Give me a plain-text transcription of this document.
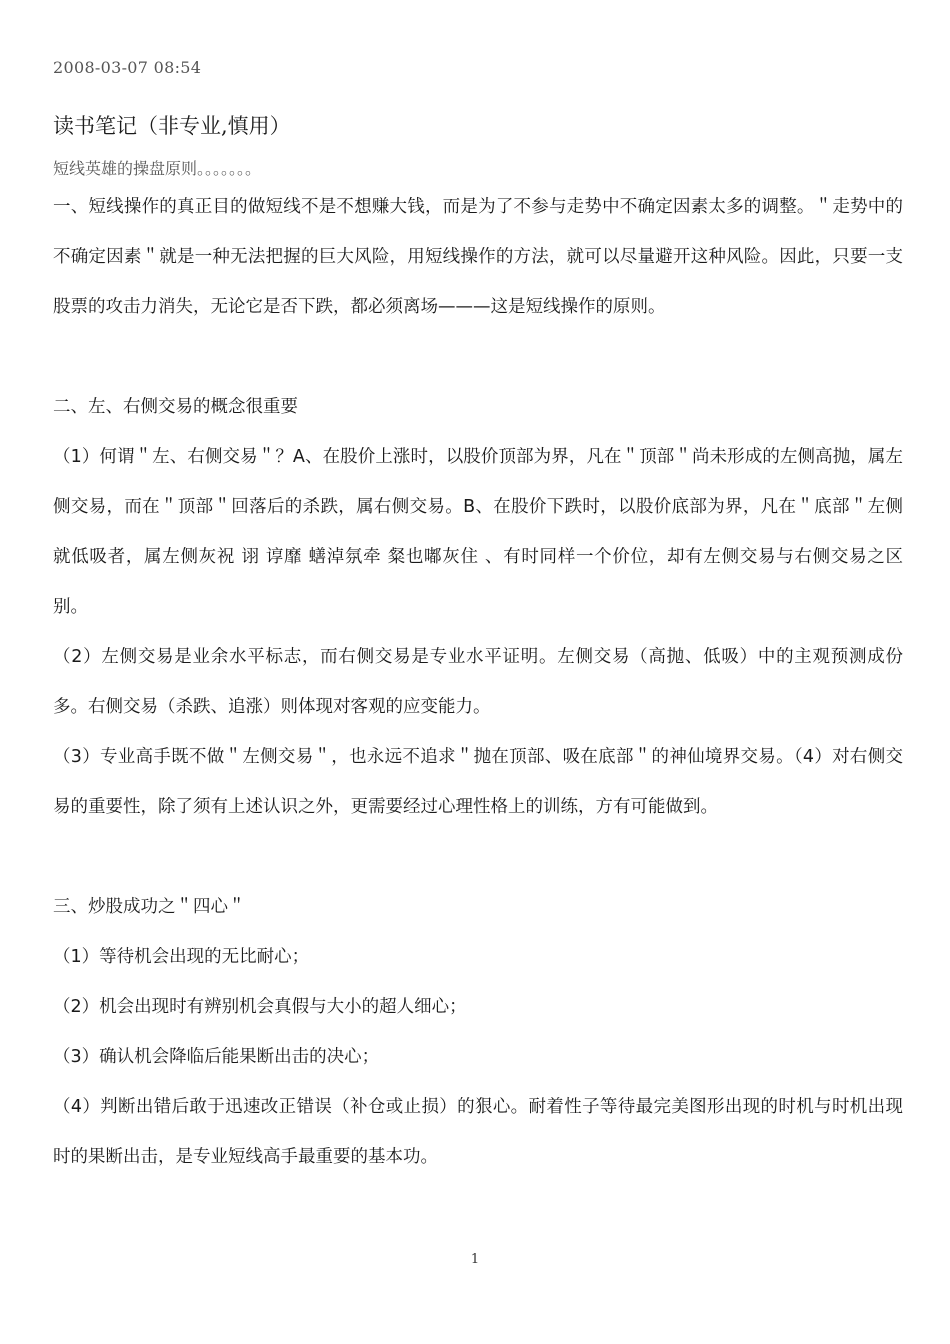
2008-03-07 08:54
读书笔记（非专业,慎用）
短线英雄的操盘原则。。。。。。。

一、短线操作的真正目的做短线不是不想赚大钱，而是为了不参与走势中不确定因素太多的调整。＂走势中的不确定因素＂就是一种无法把握的巨大风险，用短线操作的方法，就可以尽量避开这种风险。因此，只要一支股票的攻击力消失，无论它是否下跌，都必须离场———这是短线操作的原则。

二、左、右侧交易的概念很重要

（1）何谓＂左、右侧交易＂？A、在股价上涨时，以股价顶部为界，凡在＂顶部＂尚未形成的左侧高抛，属左侧交易，而在＂顶部＂回落后的杀跌，属右侧交易。B、在股价下跌时，以股价底部为界，凡在＂底部＂左侧就低吸者，属左侧灰祝 诩 谆靡 蟮淖氛牵 粲也嘟灰住 、有时同样一个价位，却有左侧交易与右侧交易之区别。

（2）左侧交易是业余水平标志，而右侧交易是专业水平证明。左侧交易（高抛、低吸）中的主观预测成份多。右侧交易（杀跌、追涨）则体现对客观的应变能力。

（3）专业高手既不做＂左侧交易＂，也永远不追求＂抛在顶部、吸在底部＂的神仙境界交易。（4）对右侧交易的重要性，除了须有上述认识之外，更需要经过心理性格上的训练，方有可能做到。

三、炒股成功之＂四心＂

（1）等待机会出现的无比耐心；

（2）机会出现时有辨别机会真假与大小的超人细心；

（3）确认机会降临后能果断出击的决心；

（4）判断出错后敢于迅速改正错误（补仓或止损）的狠心。耐着性子等待最完美图形出现的时机与时机出现时的果断出击，是专业短线高手最重要的基本功。

1
